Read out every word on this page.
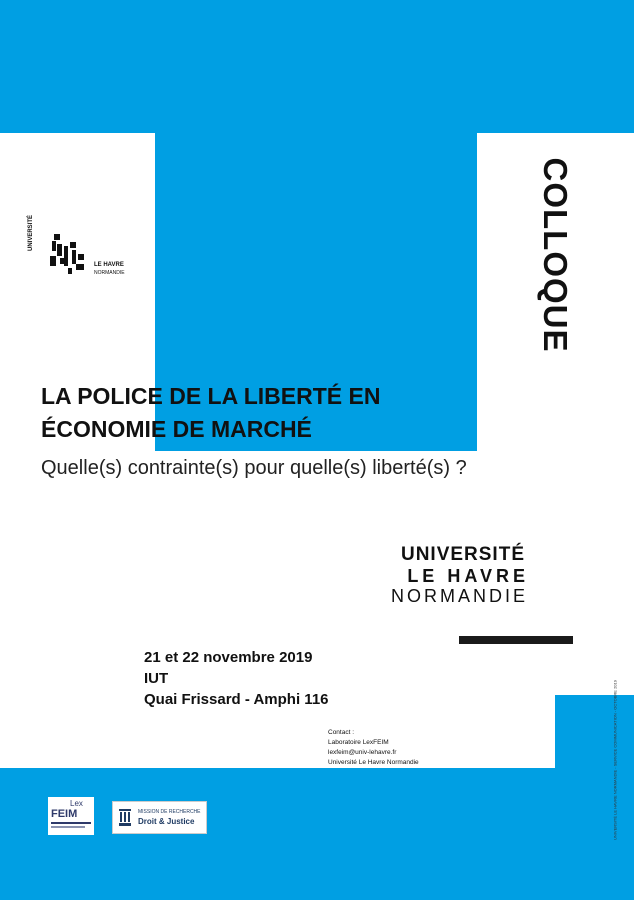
COLLOQUE
UNIVERSITÉ
LE HAVRE
NORMANDIE
LA POLICE DE LA LIBERTÉ EN ÉCONOMIE DE MARCHÉ
Quelle(s) contrainte(s) pour quelle(s) liberté(s) ?
UNIVERSITÉ
LE HAVRE
NORMANDIE
21 et 22 novembre 2019
IUT
Quai Frissard - Amphi 116
Contact :
Laboratoire LexFEIM
lexfeim@univ-lehavre.fr
Université Le Havre Normandie	UNIVERSITÉ LE HAVRE NORMANDIE - SERVICE COMMUNICATION - OCTOBRE 2019
Lex
FEIM	MISSION DE RECHERCHE
Droit & Justice
